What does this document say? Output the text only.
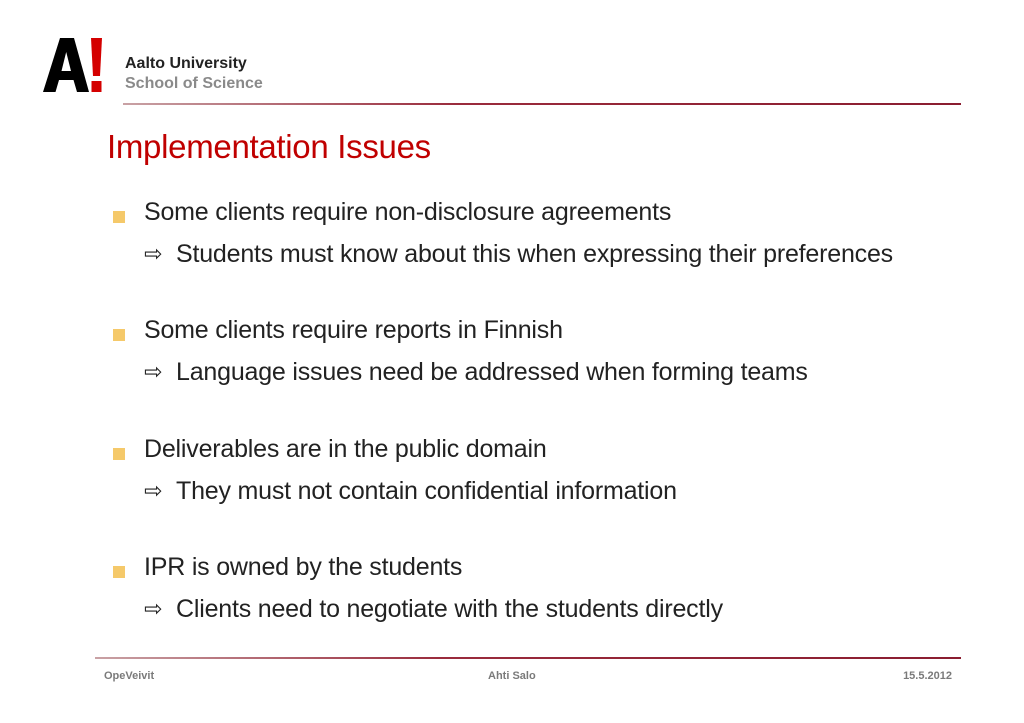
Aalto University
School of Science
Implementation Issues
Some clients require non-disclosure agreements
⇨ Students must know about this when expressing their preferences
Some clients require reports in Finnish
⇨ Language issues need be addressed when forming teams
Deliverables are in the public domain
⇨ They must not contain confidential information
IPR is owned by the students
⇨ Clients need to negotiate with the students directly
OpeVeivit	Ahti Salo	15.5.2012
